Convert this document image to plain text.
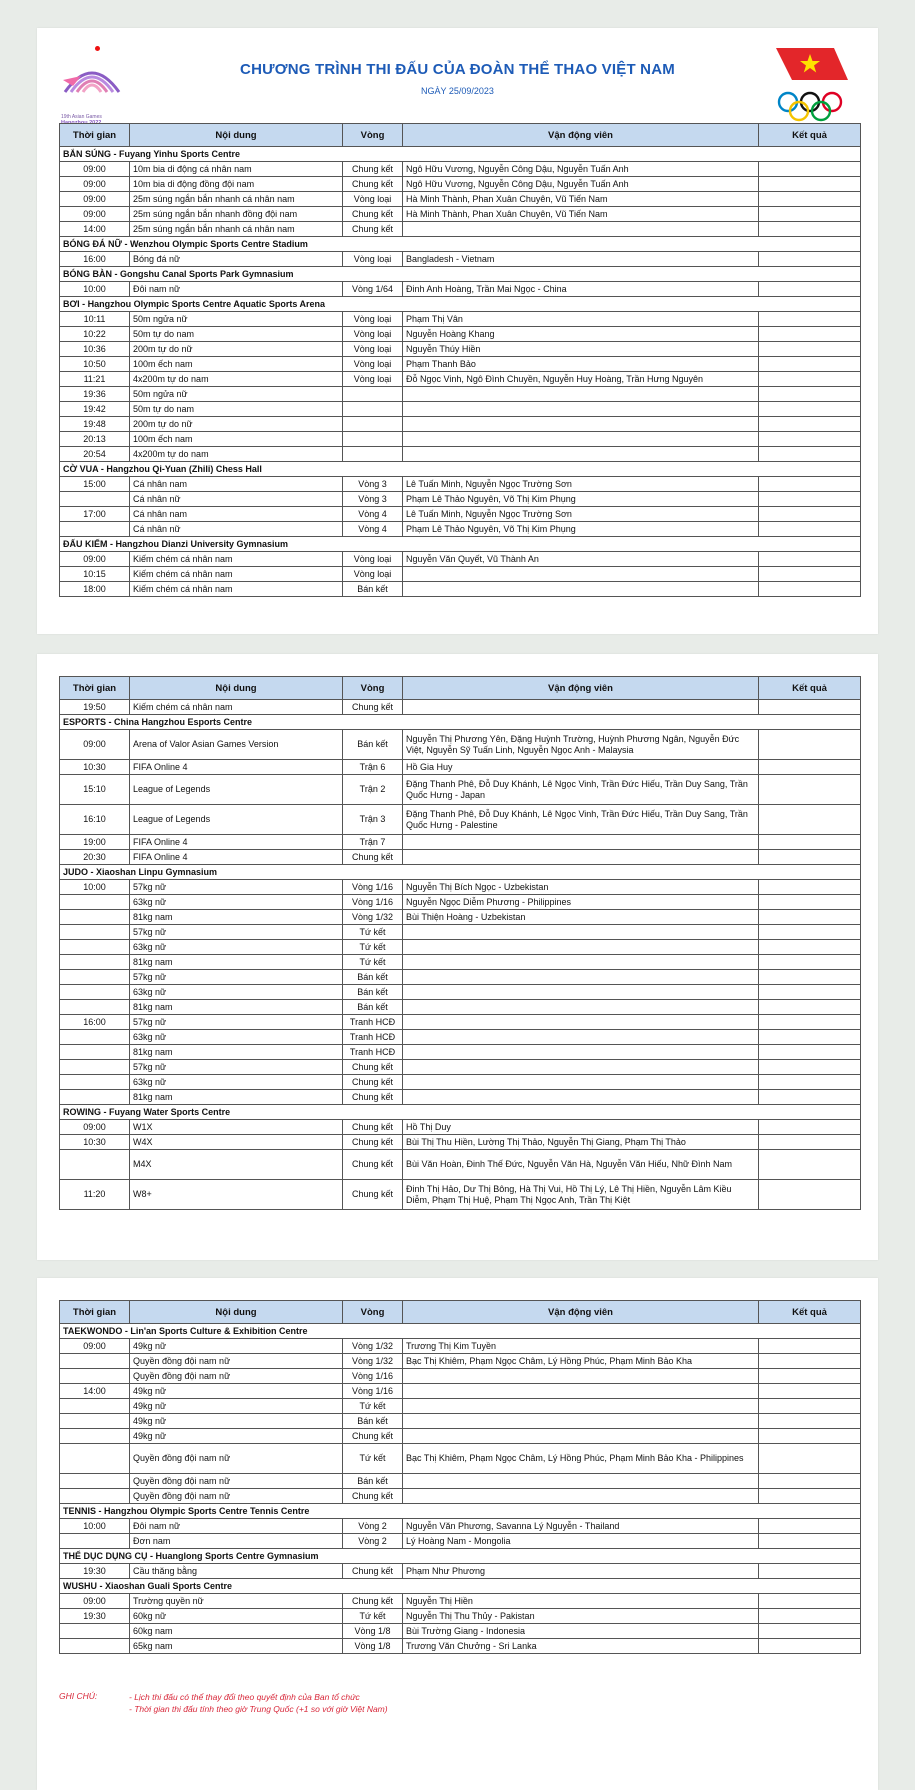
19th Asian Games

CHƯƠNG TRÌNH THI ĐẤU CỦA ĐOÀN THỂ THAO VIỆT NAM
NGÀY 25/09/2023
Thời gian	Nội dung	Vòng	Vận động viên	Kết quả
BẮN SÚNG - Fuyang Yinhu Sports Centre				
09:00	10m bia di động cá nhân nam	Chung kết	Ngô Hữu Vương, Nguyễn Công Dậu, Nguyễn Tuấn Anh	
09:00	10m bia di động đồng đội nam	Chung kết	Ngô Hữu Vương, Nguyễn Công Dậu, Nguyễn Tuấn Anh	
09:00	25m súng ngắn bắn nhanh cá nhân nam	Vòng loại	Hà Minh Thành, Phan Xuân Chuyên, Vũ Tiến Nam	
09:00	25m súng ngắn bắn nhanh đồng đội nam	Chung kết	Hà Minh Thành, Phan Xuân Chuyên, Vũ Tiến Nam	
14:00	25m súng ngắn bắn nhanh cá nhân nam	Chung kết		
BÓNG ĐÁ NỮ - Wenzhou Olympic Sports Centre Stadium				
16:00	Bóng đá nữ	Vòng loại	Bangladesh - Vietnam	
BÓNG BÀN - Gongshu Canal Sports Park Gymnasium				
10:00	Đôi nam nữ	Vòng 1/64	Đinh Anh Hoàng, Trần Mai Ngọc - China	
BƠI - Hangzhou Olympic Sports Centre Aquatic Sports Arena				
10:11	50m ngửa nữ	Vòng loại	Phạm Thị Vân	
10:22	50m tự do nam	Vòng loại	Nguyễn Hoàng Khang	
10:36	200m tự do nữ	Vòng loại	Nguyễn Thúy Hiền	
10:50	100m ếch nam	Vòng loại	Phạm Thanh Bảo	
11:21	4x200m tự do nam	Vòng loại	Đỗ Ngọc Vinh, Ngô Đình Chuyền, Nguyễn Huy Hoàng, Trần Hưng Nguyên	
19:36	50m ngửa nữ			
19:42	50m tự do nam			
19:48	200m tự do nữ			
20:13	100m ếch nam			
20:54	4x200m tự do nam			
CỜ VUA - Hangzhou Qi-Yuan (Zhili) Chess Hall				
15:00	Cá nhân nam	Vòng 3	Lê Tuấn Minh, Nguyễn Ngọc Trường Sơn	
	Cá nhân nữ	Vòng 3	Phạm Lê Thảo Nguyên, Võ Thị Kim Phụng	
17:00	Cá nhân nam	Vòng 4	Lê Tuấn Minh, Nguyễn Ngọc Trường Sơn	
	Cá nhân nữ	Vòng 4	Phạm Lê Thảo Nguyên, Võ Thị Kim Phụng	
ĐẤU KIẾM - Hangzhou Dianzi University Gymnasium				
09:00	Kiếm chém cá nhân nam	Vòng loại	Nguyễn Văn Quyết, Vũ Thành An	
10:15	Kiếm chém cá nhân nam	Vòng loại		
18:00	Kiếm chém cá nhân nam	Bán kết		
Thời gian	Nội dung	Vòng	Vận động viên	Kết quả
19:50	Kiếm chém cá nhân nam	Chung kết		
ESPORTS - China Hangzhou Esports Centre				
09:00	Arena of Valor Asian Games Version	Bán kết	Nguyễn Thị Phương Yên, Đặng Huỳnh Trường, Huỳnh Phương Ngân, Nguyễn Đức Việt, Nguyễn Sỹ Tuấn Linh, Nguyễn Ngọc Anh - Malaysia	
10:30	FIFA Online 4	Trận 6	Hồ Gia Huy	
15:10	League of Legends	Trận 2	Đặng Thanh Phê, Đỗ Duy Khánh, Lê Ngọc Vinh, Trần Đức Hiếu, Trần Duy Sang, Trần Quốc Hưng - Japan	
16:10	League of Legends	Trận 3	Đặng Thanh Phê, Đỗ Duy Khánh, Lê Ngọc Vinh, Trần Đức Hiếu, Trần Duy Sang, Trần Quốc Hưng - Palestine	
19:00	FIFA Online 4	Trận 7		
20:30	FIFA Online 4	Chung kết		
JUDO - Xiaoshan Linpu Gymnasium				
10:00	57kg nữ	Vòng 1/16	Nguyễn Thị Bích Ngọc - Uzbekistan	
	63kg nữ	Vòng 1/16	Nguyễn Ngọc Diễm Phương - Philippines	
	81kg nam	Vòng 1/32	Bùi Thiện Hoàng - Uzbekistan	
	57kg nữ	Tứ kết		
	63kg nữ	Tứ kết		
	81kg nam	Tứ kết		
	57kg nữ	Bán kết		
	63kg nữ	Bán kết		
	81kg nam	Bán kết		
16:00	57kg nữ	Tranh HCĐ		
	63kg nữ	Tranh HCĐ		
	81kg nam	Tranh HCĐ		
	57kg nữ	Chung kết		
	63kg nữ	Chung kết		
	81kg nam	Chung kết		
ROWING - Fuyang Water Sports Centre				
09:00	W1X	Chung kết	Hồ Thị Duy	
10:30	W4X	Chung kết	Bùi Thị Thu Hiền, Lường Thị Thảo, Nguyễn Thị Giang, Phạm Thị Thảo	
	M4X	Chung kết	Bùi Văn Hoàn, Đinh Thế Đức, Nguyễn Văn Hà, Nguyễn Văn Hiếu, Nhữ Đình Nam	
11:20	W8+	Chung kết	Đinh Thị Hảo, Dư Thị Bông, Hà Thị Vui, Hồ Thị Lý, Lê Thị Hiền, Nguyễn Lâm Kiều Diễm, Phạm Thị Huệ, Phạm Thị Ngọc Anh, Trần Thị Kiệt	
Thời gian	Nội dung	Vòng	Vận động viên	Kết quả
TAEKWONDO - Lin'an Sports Culture & Exhibition Centre				
09:00	49kg nữ	Vòng 1/32	Trương Thị Kim Tuyền	
	Quyền đồng đội nam nữ	Vòng 1/32	Bạc Thị Khiêm, Phạm Ngọc Châm, Lý Hồng Phúc, Phạm Minh Bảo Kha	
	Quyền đồng đội nam nữ	Vòng 1/16		
14:00	49kg nữ	Vòng 1/16		
	49kg nữ	Tứ kết		
	49kg nữ	Bán kết		
	49kg nữ	Chung kết		
	Quyền đồng đội nam nữ	Tứ kết	Bạc Thị Khiêm, Phạm Ngọc Châm, Lý Hồng Phúc, Phạm Minh Bảo Kha - Philippines	
	Quyền đồng đội nam nữ	Bán kết		
	Quyền đồng đội nam nữ	Chung kết		
TENNIS - Hangzhou Olympic Sports Centre Tennis Centre				
10:00	Đôi nam nữ	Vòng 2	Nguyễn Văn Phương, Savanna Lý Nguyễn - Thailand	
	Đơn nam	Vòng 2	Lý Hoàng Nam - Mongolia	
THỂ DỤC DỤNG CỤ - Huanglong Sports Centre Gymnasium				
19:30	Cầu thăng bằng	Chung kết	Phạm Như Phương	
WUSHU - Xiaoshan Guali Sports Centre				
09:00	Trường quyền nữ	Chung kết	Nguyễn Thị Hiền	
19:30	60kg nữ	Tứ kết	Nguyễn Thị Thu Thủy - Pakistan	
	60kg nam	Vòng 1/8	Bùi Trường Giang - Indonesia	
	65kg nam	Vòng 1/8	Trương Văn Chưởng - Sri Lanka	
GHI CHÚ:	- Lịch thi đấu có thể thay đổi theo quyết định của Ban tổ chức
- Thời gian thi đấu tính theo giờ Trung Quốc (+1 so với giờ Việt Nam)
